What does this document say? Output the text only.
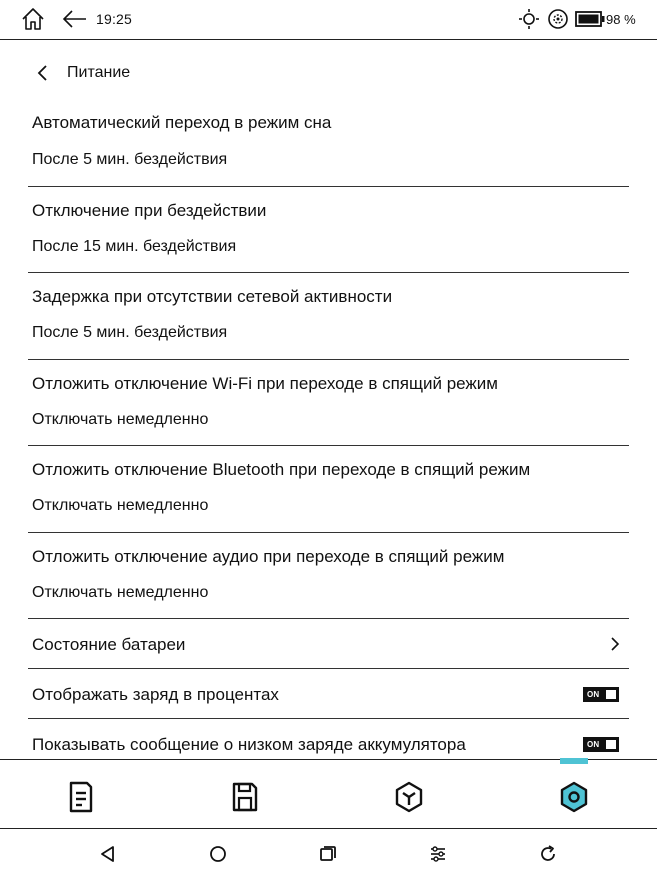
19:25	98 %
Питание
Автоматический переход в режим сна
После 5 мин. бездействия
Отключение при бездействии
После 15 мин. бездействия
Задержка при отсутствии сетевой активности
После 5 мин. бездействия
Отложить отключение Wi-Fi при переходе в спящий режим
Отключать немедленно
Отложить отключение Bluetooth при переходе в спящий режим
Отключать немедленно
Отложить отключение аудио при переходе в спящий режим
Отключать немедленно
Состояние батареи
Отображать заряд в процентах	ON
Показывать сообщение о низком заряде аккумулятора	ON
